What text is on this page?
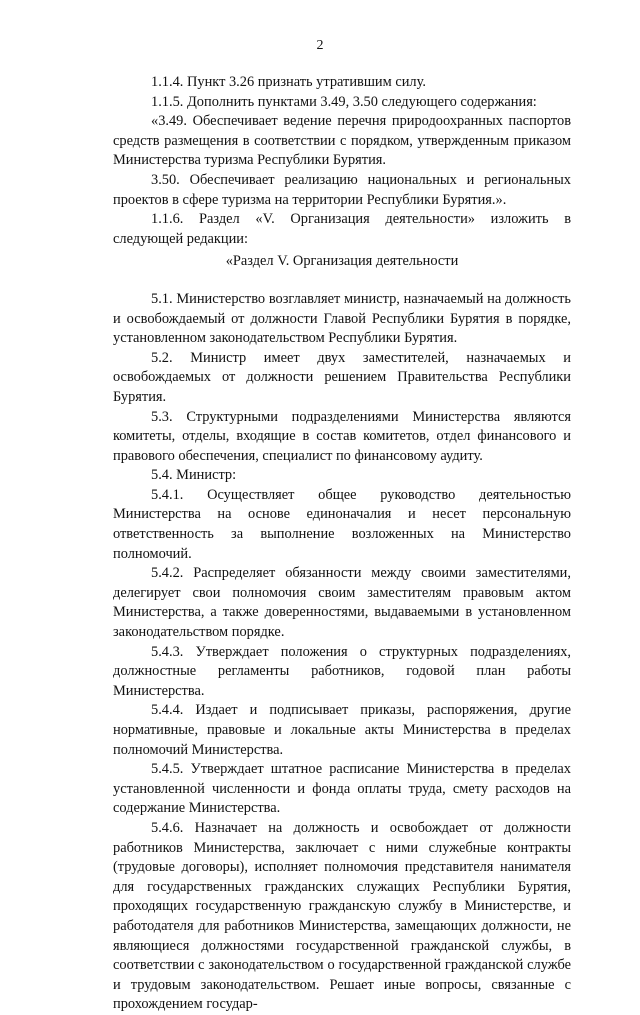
2

1.1.4. Пункт 3.26 признать утратившим силу.

1.1.5. Дополнить пунктами 3.49, 3.50 следующего содержания:

«3.49. Обеспечивает ведение перечня природоохранных паспортов средств размещения в соответствии с порядком, утвержденным приказом Министерства туризма Республики Бурятия.

3.50. Обеспечивает реализацию национальных и региональных проектов в сфере туризма на территории Республики Бурятия.».

1.1.6. Раздел «V. Организация деятельности» изложить в следующей редакции:

«Раздел V. Организация деятельности

5.1. Министерство возглавляет министр, назначаемый на должность и освобождаемый от должности Главой Республики Бурятия в порядке, установленном законодательством Республики Бурятия.

5.2. Министр имеет двух заместителей, назначаемых и освобождаемых от должности решением Правительства Республики Бурятия.

5.3. Структурными подразделениями Министерства являются комитеты, отделы, входящие в состав комитетов, отдел финансового и правового обеспечения, специалист по финансовому аудиту.

5.4. Министр:

5.4.1. Осуществляет общее руководство деятельностью Министерства на основе единоначалия и несет персональную ответственность за выполнение возложенных на Министерство полномочий.

5.4.2. Распределяет обязанности между своими заместителями, делегирует свои полномочия своим заместителям правовым актом Министерства, а также доверенностями, выдаваемыми в установленном законодательством порядке.

5.4.3. Утверждает положения о структурных подразделениях, должностные регламенты работников, годовой план работы Министерства.

5.4.4. Издает и подписывает приказы, распоряжения, другие нормативные, правовые и локальные акты Министерства в пределах полномочий Министерства.

5.4.5. Утверждает штатное расписание Министерства в пределах установленной численности и фонда оплаты труда, смету расходов на содержание Министерства.

5.4.6. Назначает на должность и освобождает от должности работников Министерства, заключает с ними служебные контракты (трудовые договоры), исполняет полномочия представителя нанимателя для государственных гражданских служащих Республики Бурятия, проходящих государственную гражданскую службу в Министерстве, и работодателя для работников Министерства, замещающих должности, не являющиеся должностями государственной гражданской службы, в соответствии с законодательством о государственной гражданской службе и трудовым законодательством. Решает иные вопросы, связанные с прохождением государ-
